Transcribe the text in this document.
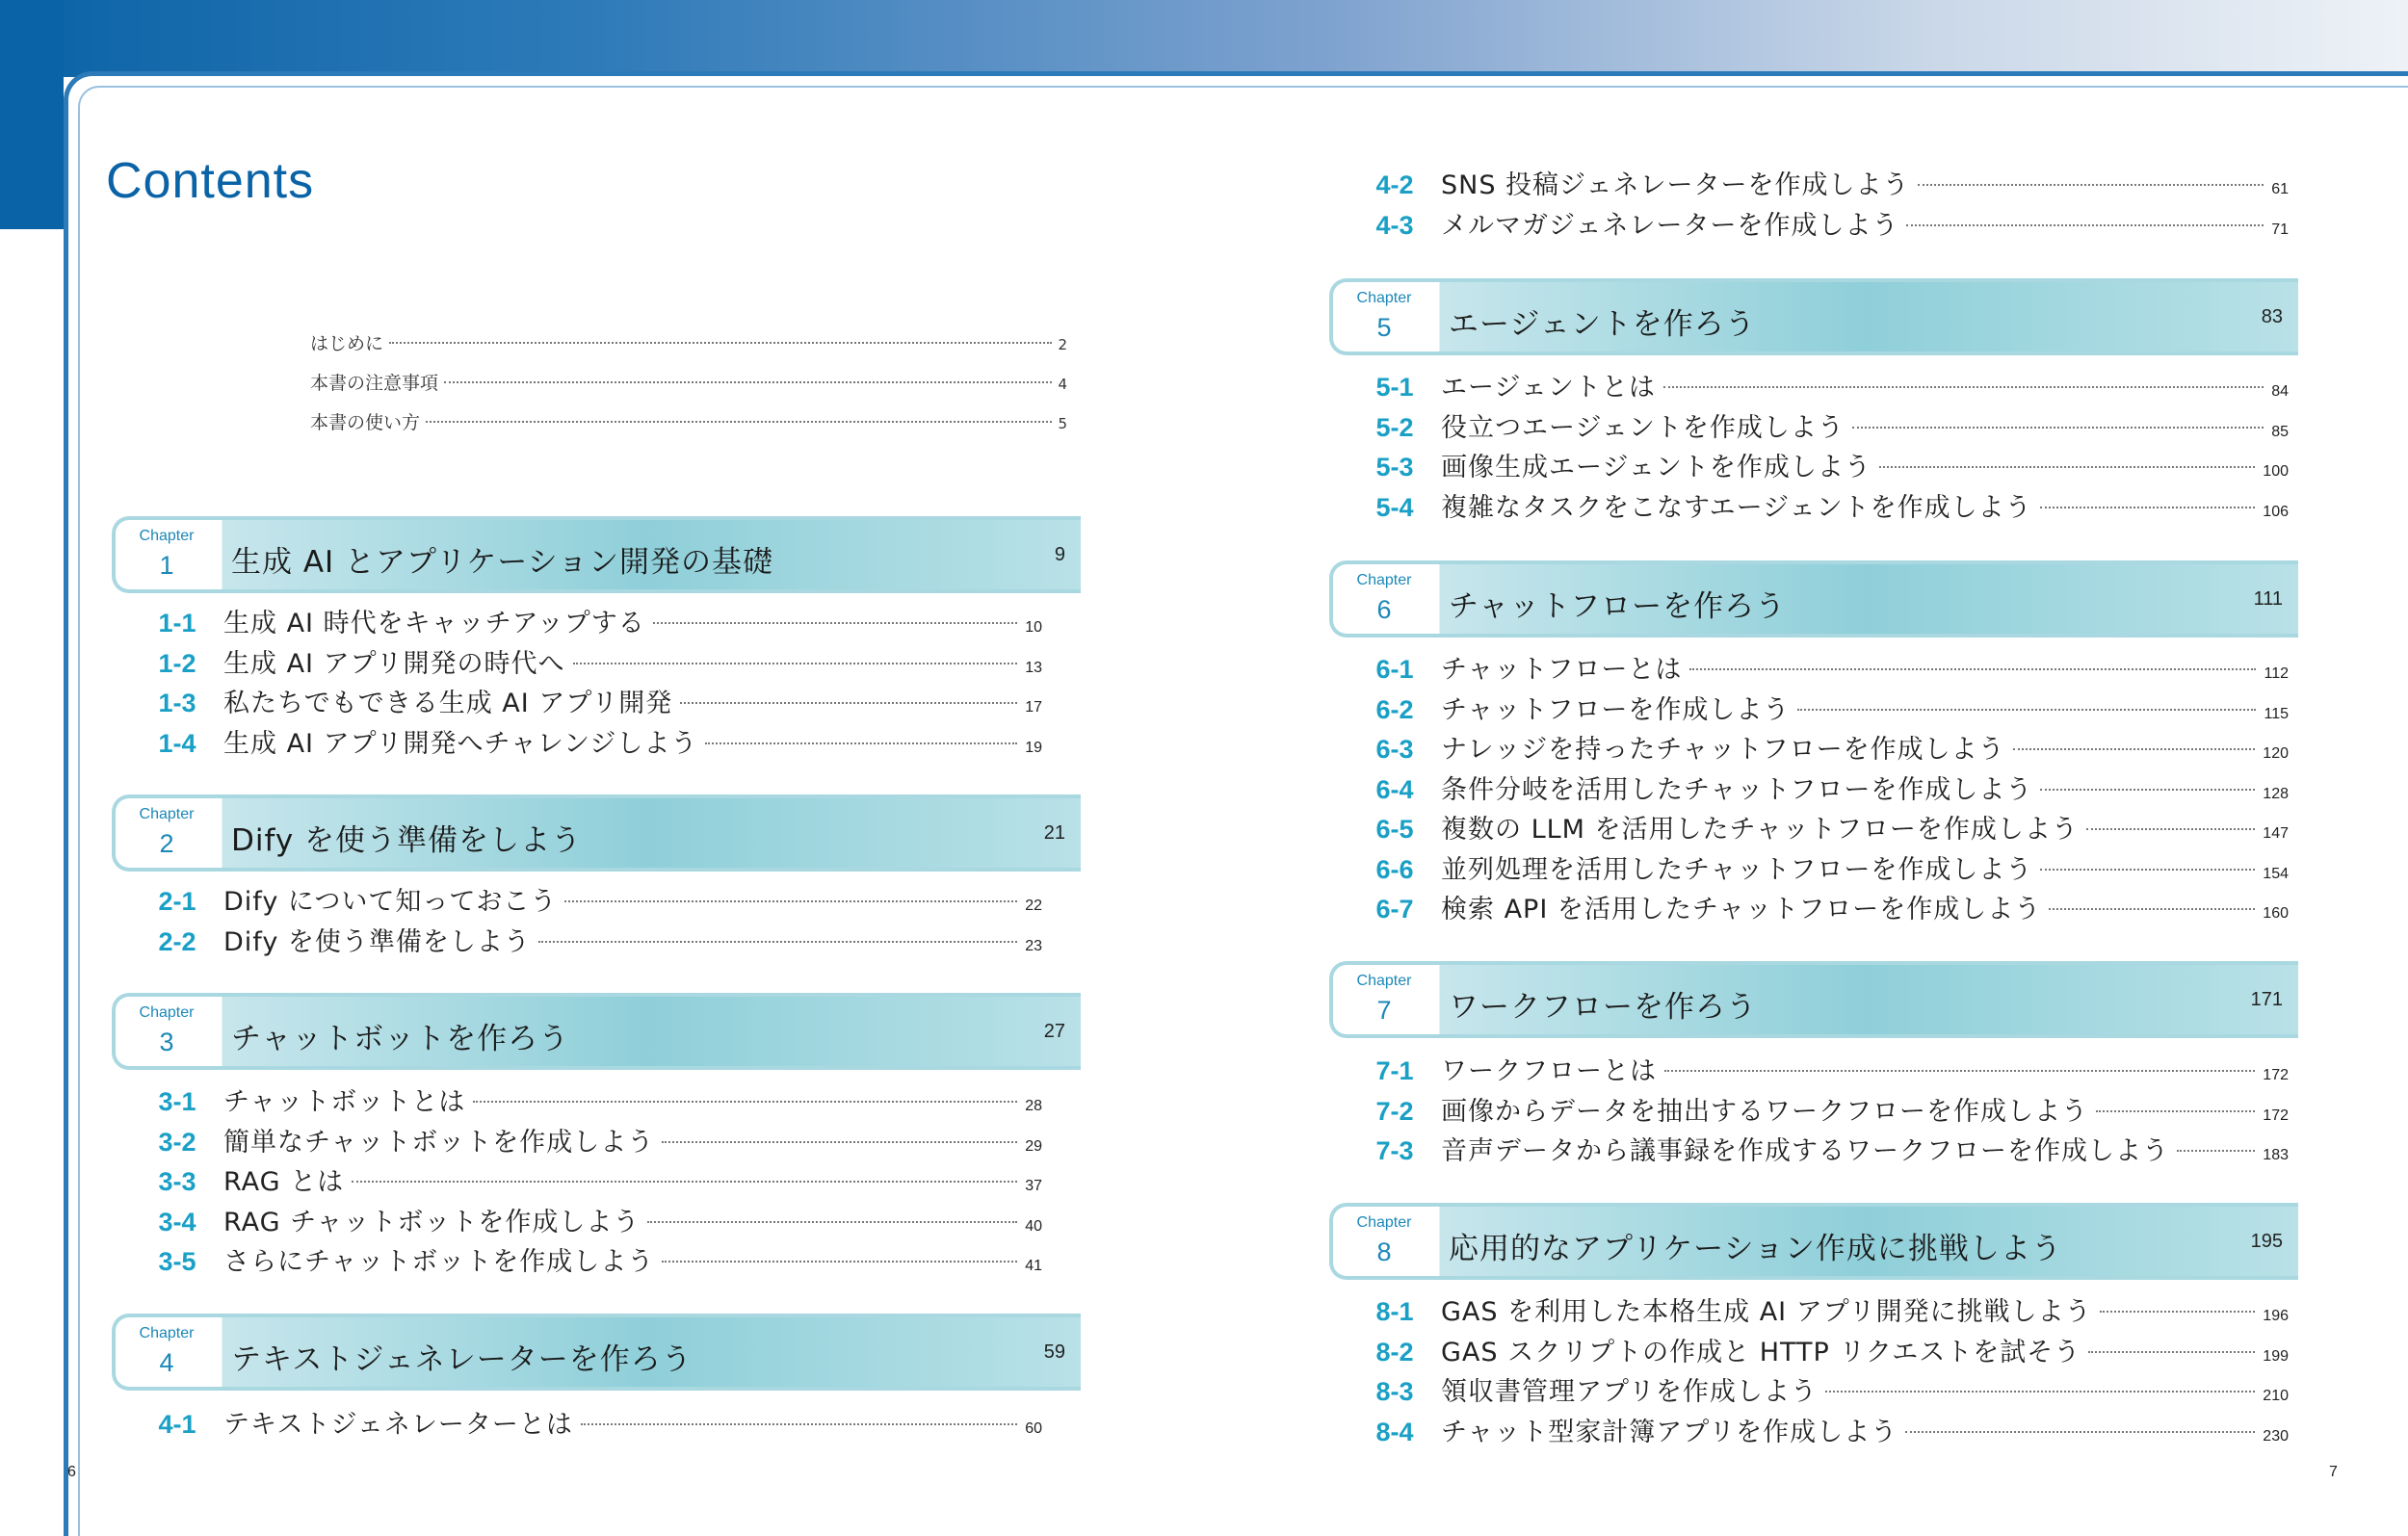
Contents
はじめに	2
本書の注意事項	4
本書の使い方	5
Chapter
1	生成 AI とアプリケーション開発の基礎	9
1-1	生成 AI 時代をキャッチアップする	10
1-2	生成 AI アプリ開発の時代へ	13
1-3	私たちでもできる生成 AI アプリ開発	17
1-4	生成 AI アプリ開発へチャレンジしよう	19
Chapter
2	Dify を使う準備をしよう	21
2-1	Dify について知っておこう	22
2-2	Dify を使う準備をしよう	23
Chapter
3	チャットボットを作ろう	27
3-1	チャットボットとは	28
3-2	簡単なチャットボットを作成しよう	29
3-3	RAG とは	37
3-4	RAG チャットボットを作成しよう	40
3-5	さらにチャットボットを作成しよう	41
Chapter
4	テキストジェネレーターを作ろう	59
4-1	テキストジェネレーターとは	60
4-2	SNS 投稿ジェネレーターを作成しよう	61
4-3	メルマガジェネレーターを作成しよう	71
Chapter
5	エージェントを作ろう	83
5-1	エージェントとは	84
5-2	役立つエージェントを作成しよう	85
5-3	画像生成エージェントを作成しよう	100
5-4	複雑なタスクをこなすエージェントを作成しよう	106
Chapter
6	チャットフローを作ろう	111
6-1	チャットフローとは	112
6-2	チャットフローを作成しよう	115
6-3	ナレッジを持ったチャットフローを作成しよう	120
6-4	条件分岐を活用したチャットフローを作成しよう	128
6-5	複数の LLM を活用したチャットフローを作成しよう	147
6-6	並列処理を活用したチャットフローを作成しよう	154
6-7	検索 API を活用したチャットフローを作成しよう	160
Chapter
7	ワークフローを作ろう	171
7-1	ワークフローとは	172
7-2	画像からデータを抽出するワークフローを作成しよう	172
7-3	音声データから議事録を作成するワークフローを作成しよう	183
Chapter
8	応用的なアプリケーション作成に挑戦しよう	195
8-1	GAS を利用した本格生成 AI アプリ開発に挑戦しよう	196
8-2	GAS スクリプトの作成と HTTP リクエストを試そう	199
8-3	領収書管理アプリを作成しよう	210
8-4	チャット型家計簿アプリを作成しよう	230
6	7
